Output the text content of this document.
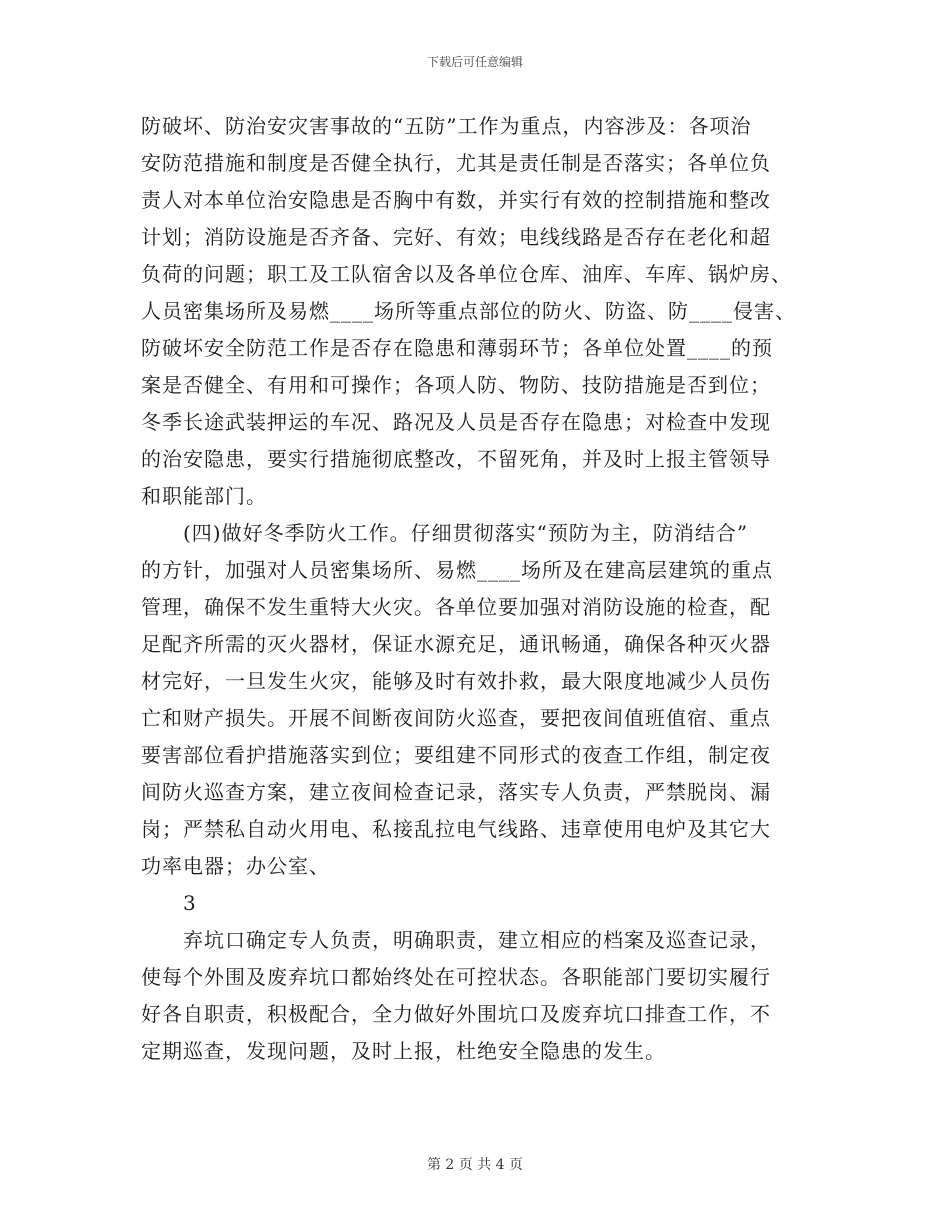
下载后可任意编辑
防破坏、防治安灾害事故的“五防”工作为重点，内容涉及：各项治
安防范措施和制度是否健全执行，尤其是责任制是否落实；各单位负
责人对本单位治安隐患是否胸中有数，并实行有效的控制措施和整改
计划；消防设施是否齐备、完好、有效；电线线路是否存在老化和超
负荷的问题；职工及工队宿舍以及各单位仓库、油库、车库、锅炉房、
人员密集场所及易燃____场所等重点部位的防火、防盗、防____侵害、
防破坏安全防范工作是否存在隐患和薄弱环节；各单位处置____的预
案是否健全、有用和可操作；各项人防、物防、技防措施是否到位；
冬季长途武装押运的车况、路况及人员是否存在隐患；对检查中发现
的治安隐患，要实行措施彻底整改，不留死角，并及时上报主管领导
和职能部门。
　　(四)做好冬季防火工作。仔细贯彻落实“预防为主，防消结合”
的方针，加强对人员密集场所、易燃____场所及在建高层建筑的重点
管理，确保不发生重特大火灾。各单位要加强对消防设施的检查，配
足配齐所需的灭火器材，保证水源充足，通讯畅通，确保各种灭火器
材完好，一旦发生火灾，能够及时有效扑救，最大限度地减少人员伤
亡和财产损失。开展不间断夜间防火巡查，要把夜间值班值宿、重点
要害部位看护措施落实到位；要组建不同形式的夜查工作组，制定夜
间防火巡查方案，建立夜间检查记录，落实专人负责，严禁脱岗、漏
岗；严禁私自动火用电、私接乱拉电气线路、违章使用电炉及其它大
功率电器；办公室、
　　3
　　弃坑口确定专人负责，明确职责，建立相应的档案及巡查记录，
使每个外围及废弃坑口都始终处在可控状态。各职能部门要切实履行
好各自职责，积极配合，全力做好外围坑口及废弃坑口排查工作，不
定期巡查，发现问题，及时上报，杜绝安全隐患的发生。
第 2 页 共 4 页
